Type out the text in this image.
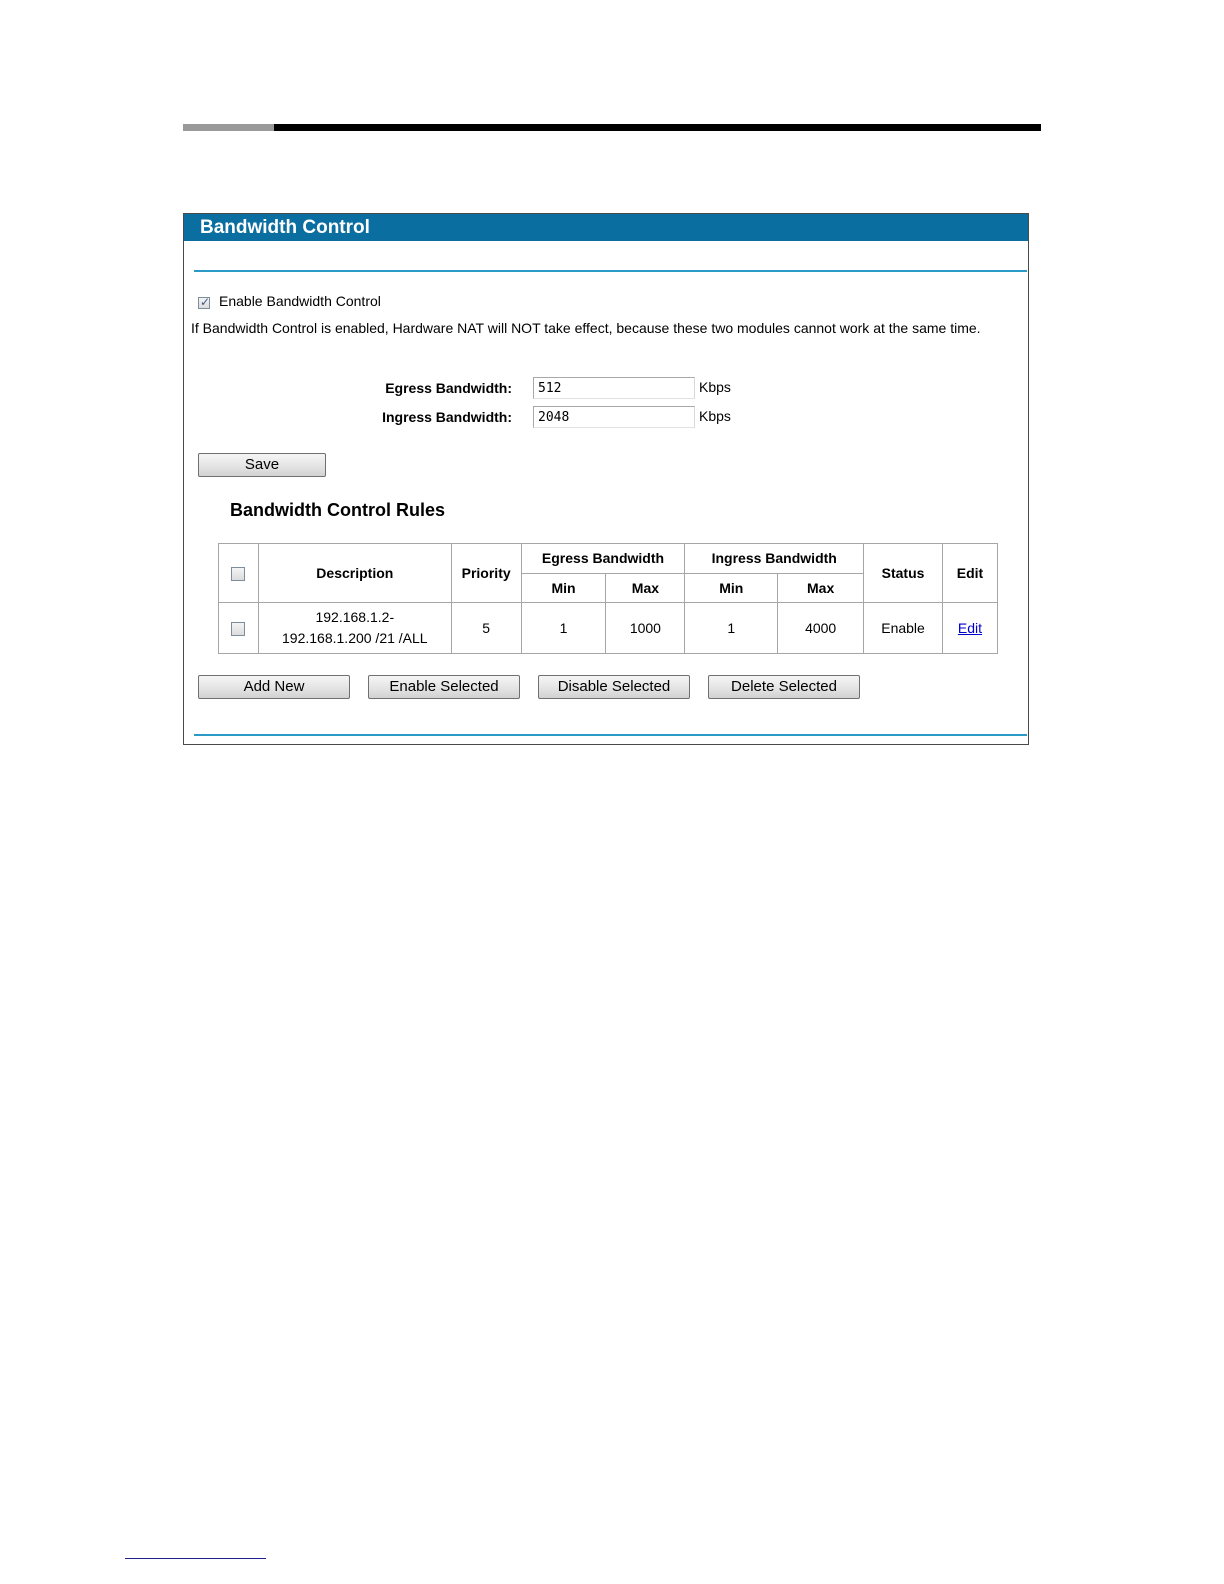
Bandwidth Control
✓
Enable Bandwidth Control
If Bandwidth Control is enabled, Hardware NAT will NOT take effect, because these two modules cannot work at the same time.
Egress Bandwidth:
512	Kbps
Ingress Bandwidth:
2048	Kbps
Save
Bandwidth Control Rules
	Description	Priority	Egress Bandwidth		Ingress Bandwidth		Status	Edit
			Min	Max	Min	Max		

	192.168.1.2-
192.168.1.200 /21 /ALL	5	1	1000	1	4000	Enable	Edit
Add New	Enable Selected	Disable Selected	Delete Selected
